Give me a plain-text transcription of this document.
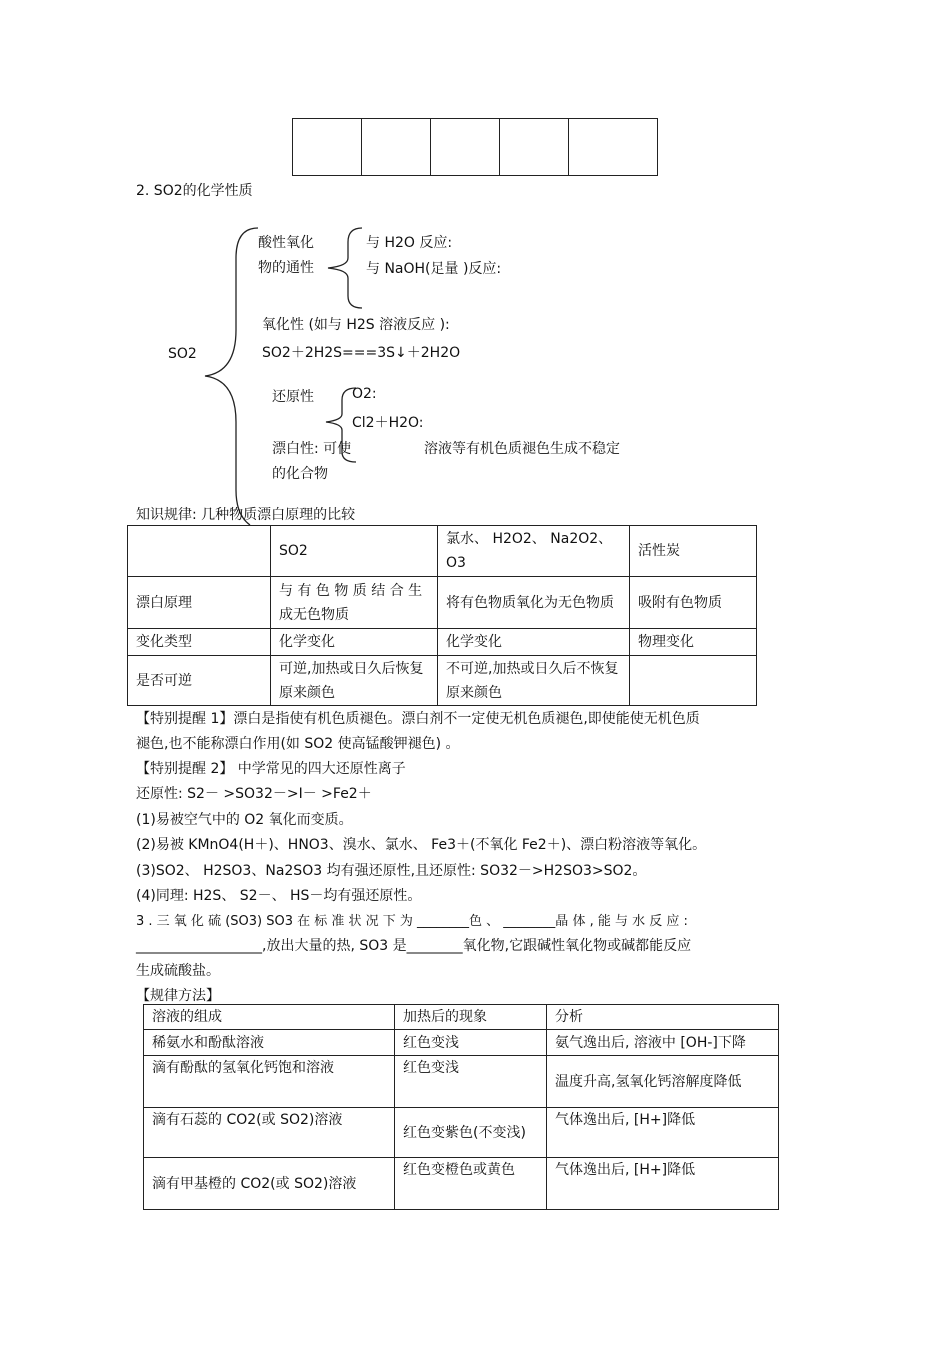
2. SO2的化学性质
SO2
酸性氧化
物的通性
与 H2O 反应:
与 NaOH(足量 )反应:
氧化性 (如与 H2S 溶液反应 ):
SO2＋2H2S===3S↓＋2H2O
还原性	O2:
Cl2＋H2O:
漂白性: 可使	溶液等有机色质褪色生成不稳定
的化合物
知识规律: 几种物质漂白原理的比较
	SO2	氯水、 H2O2、 Na2O2、O3	活性炭
漂白原理	与 有 色 物 质 结 合 生 成无色物质	将有色物质氧化为无色物质	吸附有色物质
变化类型	化学变化	化学变化	物理变化
是否可逆	可逆,加热或日久后恢复原来颜色	不可逆,加热或日久后不恢复原来颜色	
【特别提醒 1】漂白是指使有机色质褪色。漂白剂不一定使无机色质褪色,即使能使无机色质
褪色,也不能称漂白作用(如 SO2 使高锰酸钾褪色) 。
【特别提醒 2】 中学常见的四大还原性离子
还原性: S2－ >SO32－>I－ >Fe2＋
(1)易被空气中的 O2 氧化而变质。
(2)易被 KMnO4(H＋)、HNO3、溴水、氯水、 Fe3＋(不氧化 Fe2＋)、漂白粉溶液等氧化。
(3)SO2、 H2SO3、Na2SO3 均有强还原性,且还原性: SO32－>H2SO3>SO2。
(4)同理: H2S、 S2－、 HS－均有强还原性。
3 . 三 氧 化 硫 (SO3) SO3 在 标 准 状 况 下 为 ________色 、 ________晶 体 , 能 与 水 反 应 :
__________________,放出大量的热, SO3 是________氧化物,它跟碱性氧化物或碱都能反应
生成硫酸盐。
【规律方法】
溶液的组成	加热后的现象	分析
稀氨水和酚酞溶液	红色变浅	氨气逸出后, 溶液中 [OH-]下降
滴有酚酞的氢氧化钙饱和溶液	红色变浅	温度升高,氢氧化钙溶解度降低
滴有石蕊的 CO2(或 SO2)溶液	红色变紫色(不变浅)	气体逸出后, [H+]降低
滴有甲基橙的 CO2(或 SO2)溶液	红色变橙色或黄色	气体逸出后, [H+]降低
